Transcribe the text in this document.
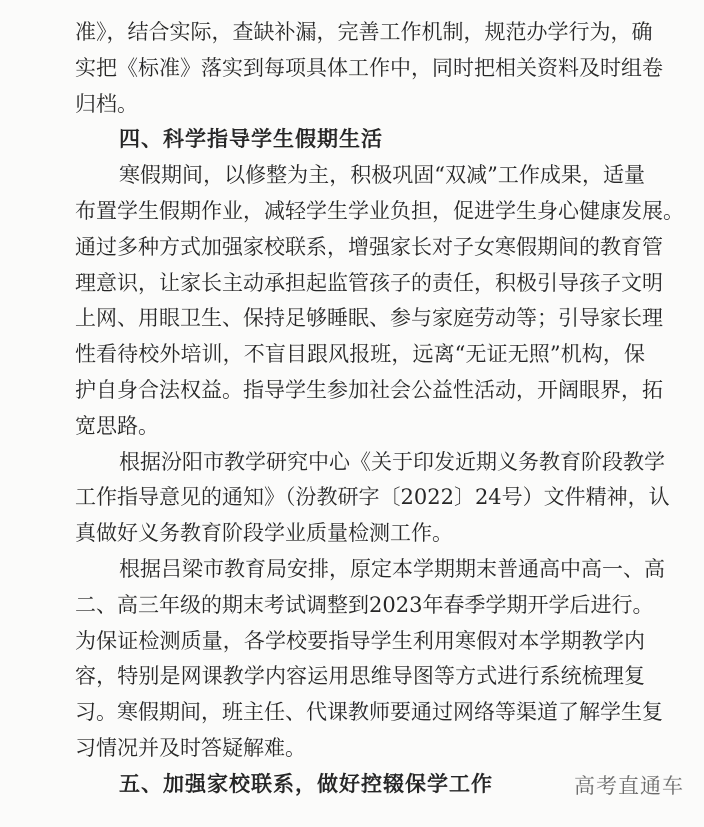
准》，结合实际，查缺补漏，完善工作机制，规范办学行为，确
实把《标准》落实到每项具体工作中，同时把相关资料及时组卷
归档。
四、科学指导学生假期生活
寒假期间，以修整为主，积极巩固“双减”工作成果，适量
布置学生假期作业，减轻学生学业负担，促进学生身心健康发展。
通过多种方式加强家校联系，增强家长对子女寒假期间的教育管
理意识，让家长主动承担起监管孩子的责任，积极引导孩子文明
上网、用眼卫生、保持足够睡眠、参与家庭劳动等；引导家长理
性看待校外培训，不盲目跟风报班，远离“无证无照”机构，保
护自身合法权益。指导学生参加社会公益性活动，开阔眼界，拓
宽思路。
根据汾阳市教学研究中心《关于印发近期义务教育阶段教学
工作指导意见的通知》（汾教研字〔2022〕24号）文件精神，认
真做好义务教育阶段学业质量检测工作。
根据吕梁市教育局安排，原定本学期期末普通高中高一、高
二、高三年级的期末考试调整到2023年春季学期开学后进行。
为保证检测质量，各学校要指导学生利用寒假对本学期教学内
容，特别是网课教学内容运用思维导图等方式进行系统梳理复
习。寒假期间，班主任、代课教师要通过网络等渠道了解学生复
习情况并及时答疑解难。
五、加强家校联系，做好控辍保学工作	高考直通车
